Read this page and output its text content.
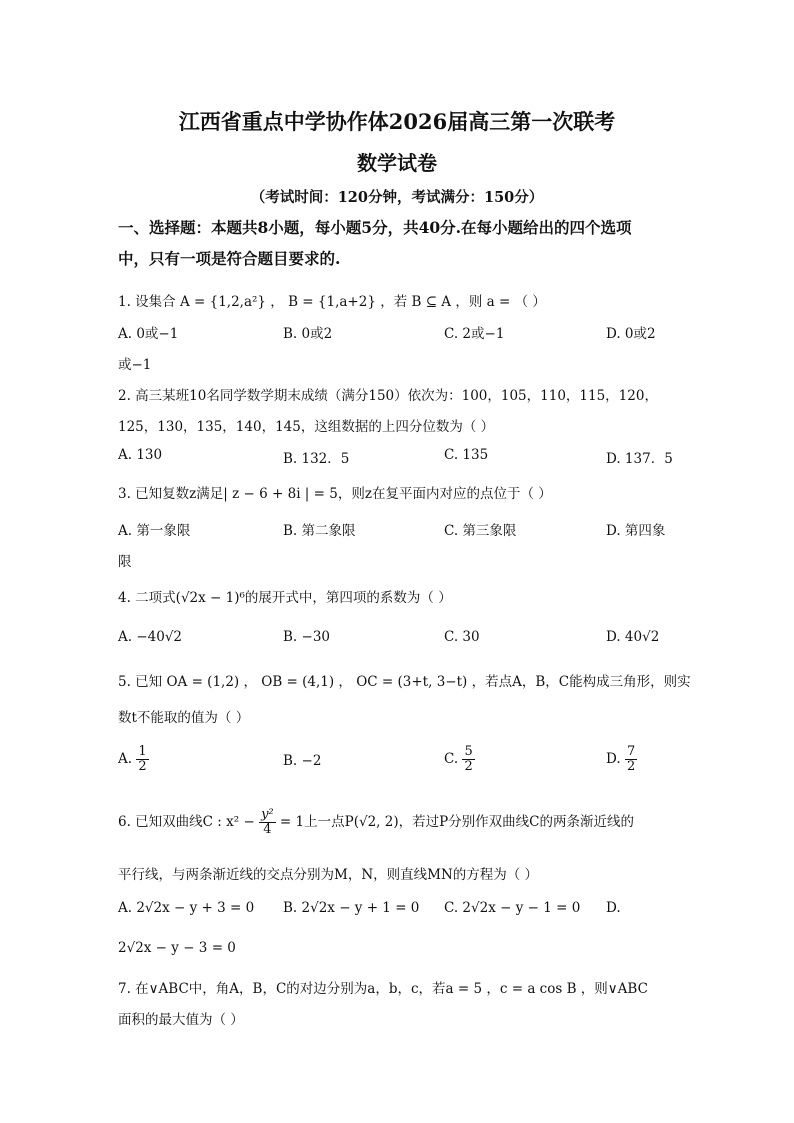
江西省重点中学协作体2026届高三第一次联考
数学试卷
（考试时间：120分钟，考试满分：150分）
一、选择题：本题共8小题，每小题5分，共40分.在每小题给出的四个选项
中，只有一项是符合题目要求的.
1. 设集合 A = {1,2,a²} ， B = {1,a+2} ，若 B ⊆ A ，则 a = （ ）
A. 0或−1	B. 0或2	C. 2或−1	D. 0或2
或−1
2. 高三某班10名同学数学期末成绩（满分150）依次为：100，105，110，115，120，
125，130，135，140，145，这组数据的上四分位数为（ ）
A. 130	B. 132．5	C. 135	D. 137．5
3. 已知复数z满足| z − 6 + 8i | = 5，则z在复平面内对应的点位于（ ）
A. 第一象限	B. 第二象限	C. 第三象限	D. 第四象
限
4. 二项式(√2x − 1)⁶的展开式中，第四项的系数为（ ）
A. −40√2	B. −30	C. 30	D. 40√2
5. 已知 OA = (1,2) ， OB = (4,1) ， OC = (3+t, 3−t) ，若点A，B，C能构成三角形，则实
数t不能取的值为（ ）
A. $\frac{1}{2}$	B. −2	C. $\frac{5}{2}$	D. $\frac{7}{2}$
6. 已知双曲线C : $x^2 - \frac{\text{y²}}{4} = 1$上一点P(√2, 2)，若过P分别作双曲线C的两条渐近线的
平行线，与两条渐近线的交点分别为M，N，则直线MN的方程为（ ）
A. 2√2x − y + 3 = 0 B. 2√2x − y + 1 = 0 C. 2√2x − y − 1 = 0 D.
2√2x − y − 3 = 0
7. 在∨ABC中，角A，B，C的对边分别为a，b，c，若a = 5 ，c = a cos B ，则∨ABC
面积的最大值为（ ）
